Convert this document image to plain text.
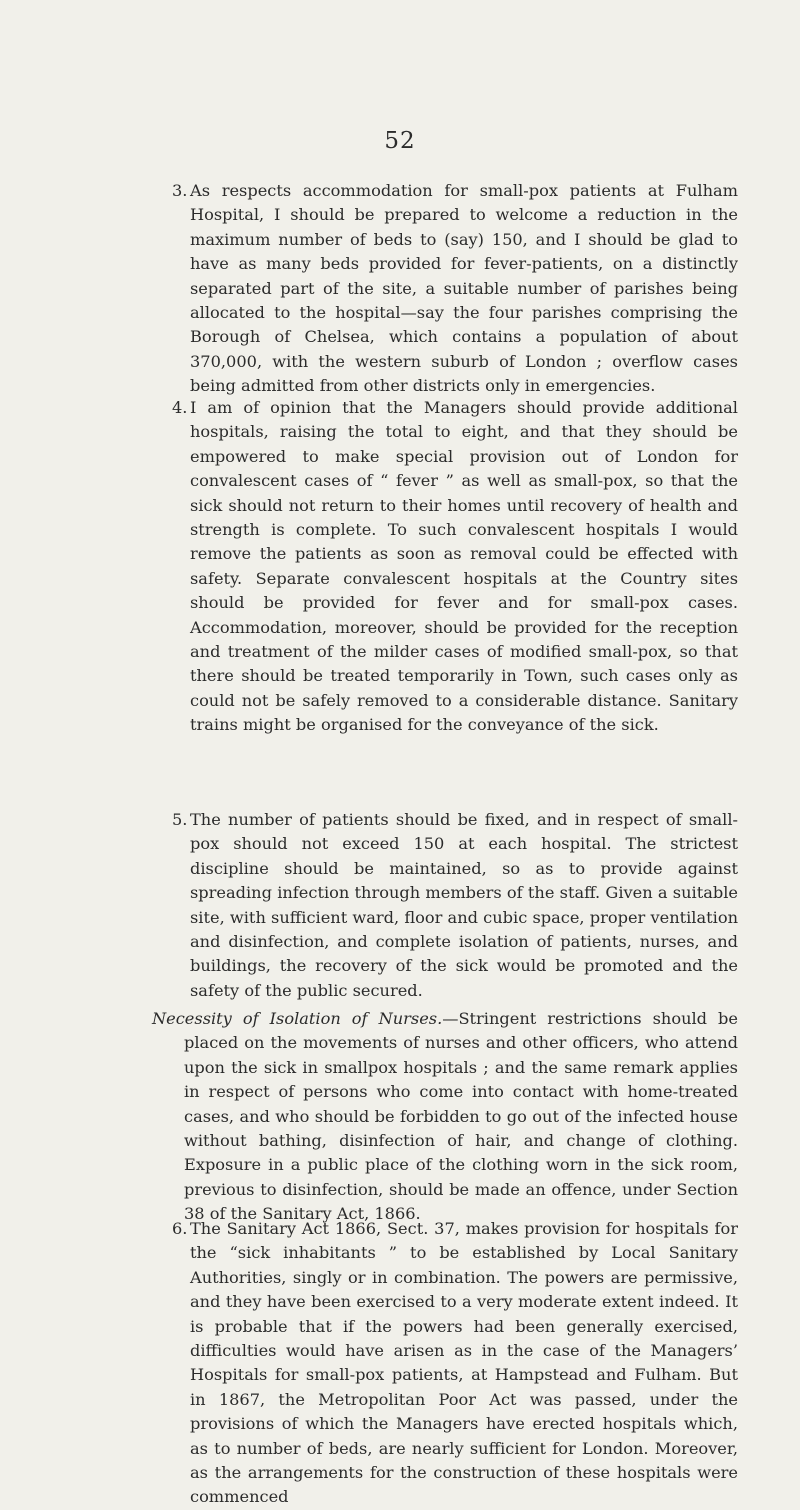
52

3. As respects accommodation for small-pox patients at Fulham Hospital, I should be prepared to welcome a reduction in the maximum number of beds to (say) 150, and I should be glad to have as many beds provided for fever-patients, on a distinctly separated part of the site, a suitable number of parishes being allocated to the hospital—say the four parishes comprising the Borough of Chelsea, which contains a population of about 370,000, with the western suburb of London ; overflow cases being admitted from other districts only in emergencies.

4. I am of opinion that the Managers should provide additional hospitals, raising the total to eight, and that they should be empowered to make special provision out of London for convalescent cases of “ fever ” as well as small-pox, so that the sick should not return to their homes until recovery of health and strength is complete. To such convalescent hospitals I would remove the patients as soon as removal could be effected with safety. Separate convalescent hospitals at the Country sites should be provided for fever and for small-pox cases. Accommodation, moreover, should be provided for the reception and treatment of the milder cases of modified small-pox, so that there should be treated temporarily in Town, such cases only as could not be safely removed to a considerable distance. Sanitary trains might be organised for the conveyance of the sick.

5. The number of patients should be fixed, and in respect of small-pox should not exceed 150 at each hospital. The strictest discipline should be maintained, so as to provide against spreading infection through members of the staff. Given a suitable site, with sufficient ward, floor and cubic space, proper ventilation and disinfection, and complete isolation of patients, nurses, and buildings, the recovery of the sick would be promoted and the safety of the public secured.

Necessity of Isolation of Nurses.—Stringent restrictions should be placed on the movements of nurses and other officers, who attend upon the sick in smallpox hospitals ; and the same remark applies in respect of persons who come into contact with home-treated cases, and who should be forbidden to go out of the infected house without bathing, disinfection of hair, and change of clothing. Exposure in a public place of the clothing worn in the sick room, previous to disinfection, should be made an offence, under Section 38 of the Sanitary Act, 1866.

6. The Sanitary Act 1866, Sect. 37, makes provision for hospitals for the “sick inhabitants ” to be established by Local Sanitary Authorities, singly or in combination. The powers are permissive, and they have been exercised to a very moderate extent indeed. It is probable that if the powers had been generally exercised, difficulties would have arisen as in the case of the Managers’ Hospitals for small-pox patients, at Hampstead and Fulham. But in 1867, the Metropolitan Poor Act was passed, under the provisions of which the Managers have erected hospitals which, as to number of beds, are nearly sufficient for London. Moreover, as the arrangements for the construction of these hospitals were commenced
